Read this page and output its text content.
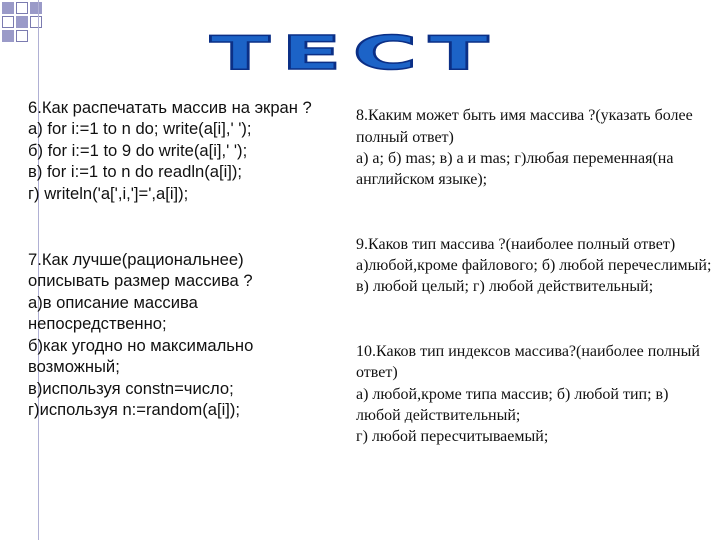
ТЕСТ

6.Как распечатать массив на экран ?
а) for i:=1 to n do; write(a[i],' ');
б) for i:=1 to 9 do write(a[i],' ');
в) for i:=1 to n do readln(a[i]);
г) writeln('a[',i,']=',a[i]);

7.Как лучше(рациональнее) описывать размер массива ?
а)в описание массива непосредственно;
б)как угодно но максимально возможный;
в)используя constn=число;
г)используя n:=random(a[i]);

8.Каким может быть имя массива ?(указать более полный ответ)
а) a; б) mas; в) a и mas; г)любая переменная(на английском языке);

9.Каков тип массива ?(наиболее полный ответ)
а)любой,кроме файлового; б) любой перечеслимый;
в) любой целый; г) любой действительный;

10.Каков тип индексов массива?(наиболее полный ответ)
а) любой,кроме типа массив; б) любой тип; в) любой действительный;
г) любой пересчитываемый;
